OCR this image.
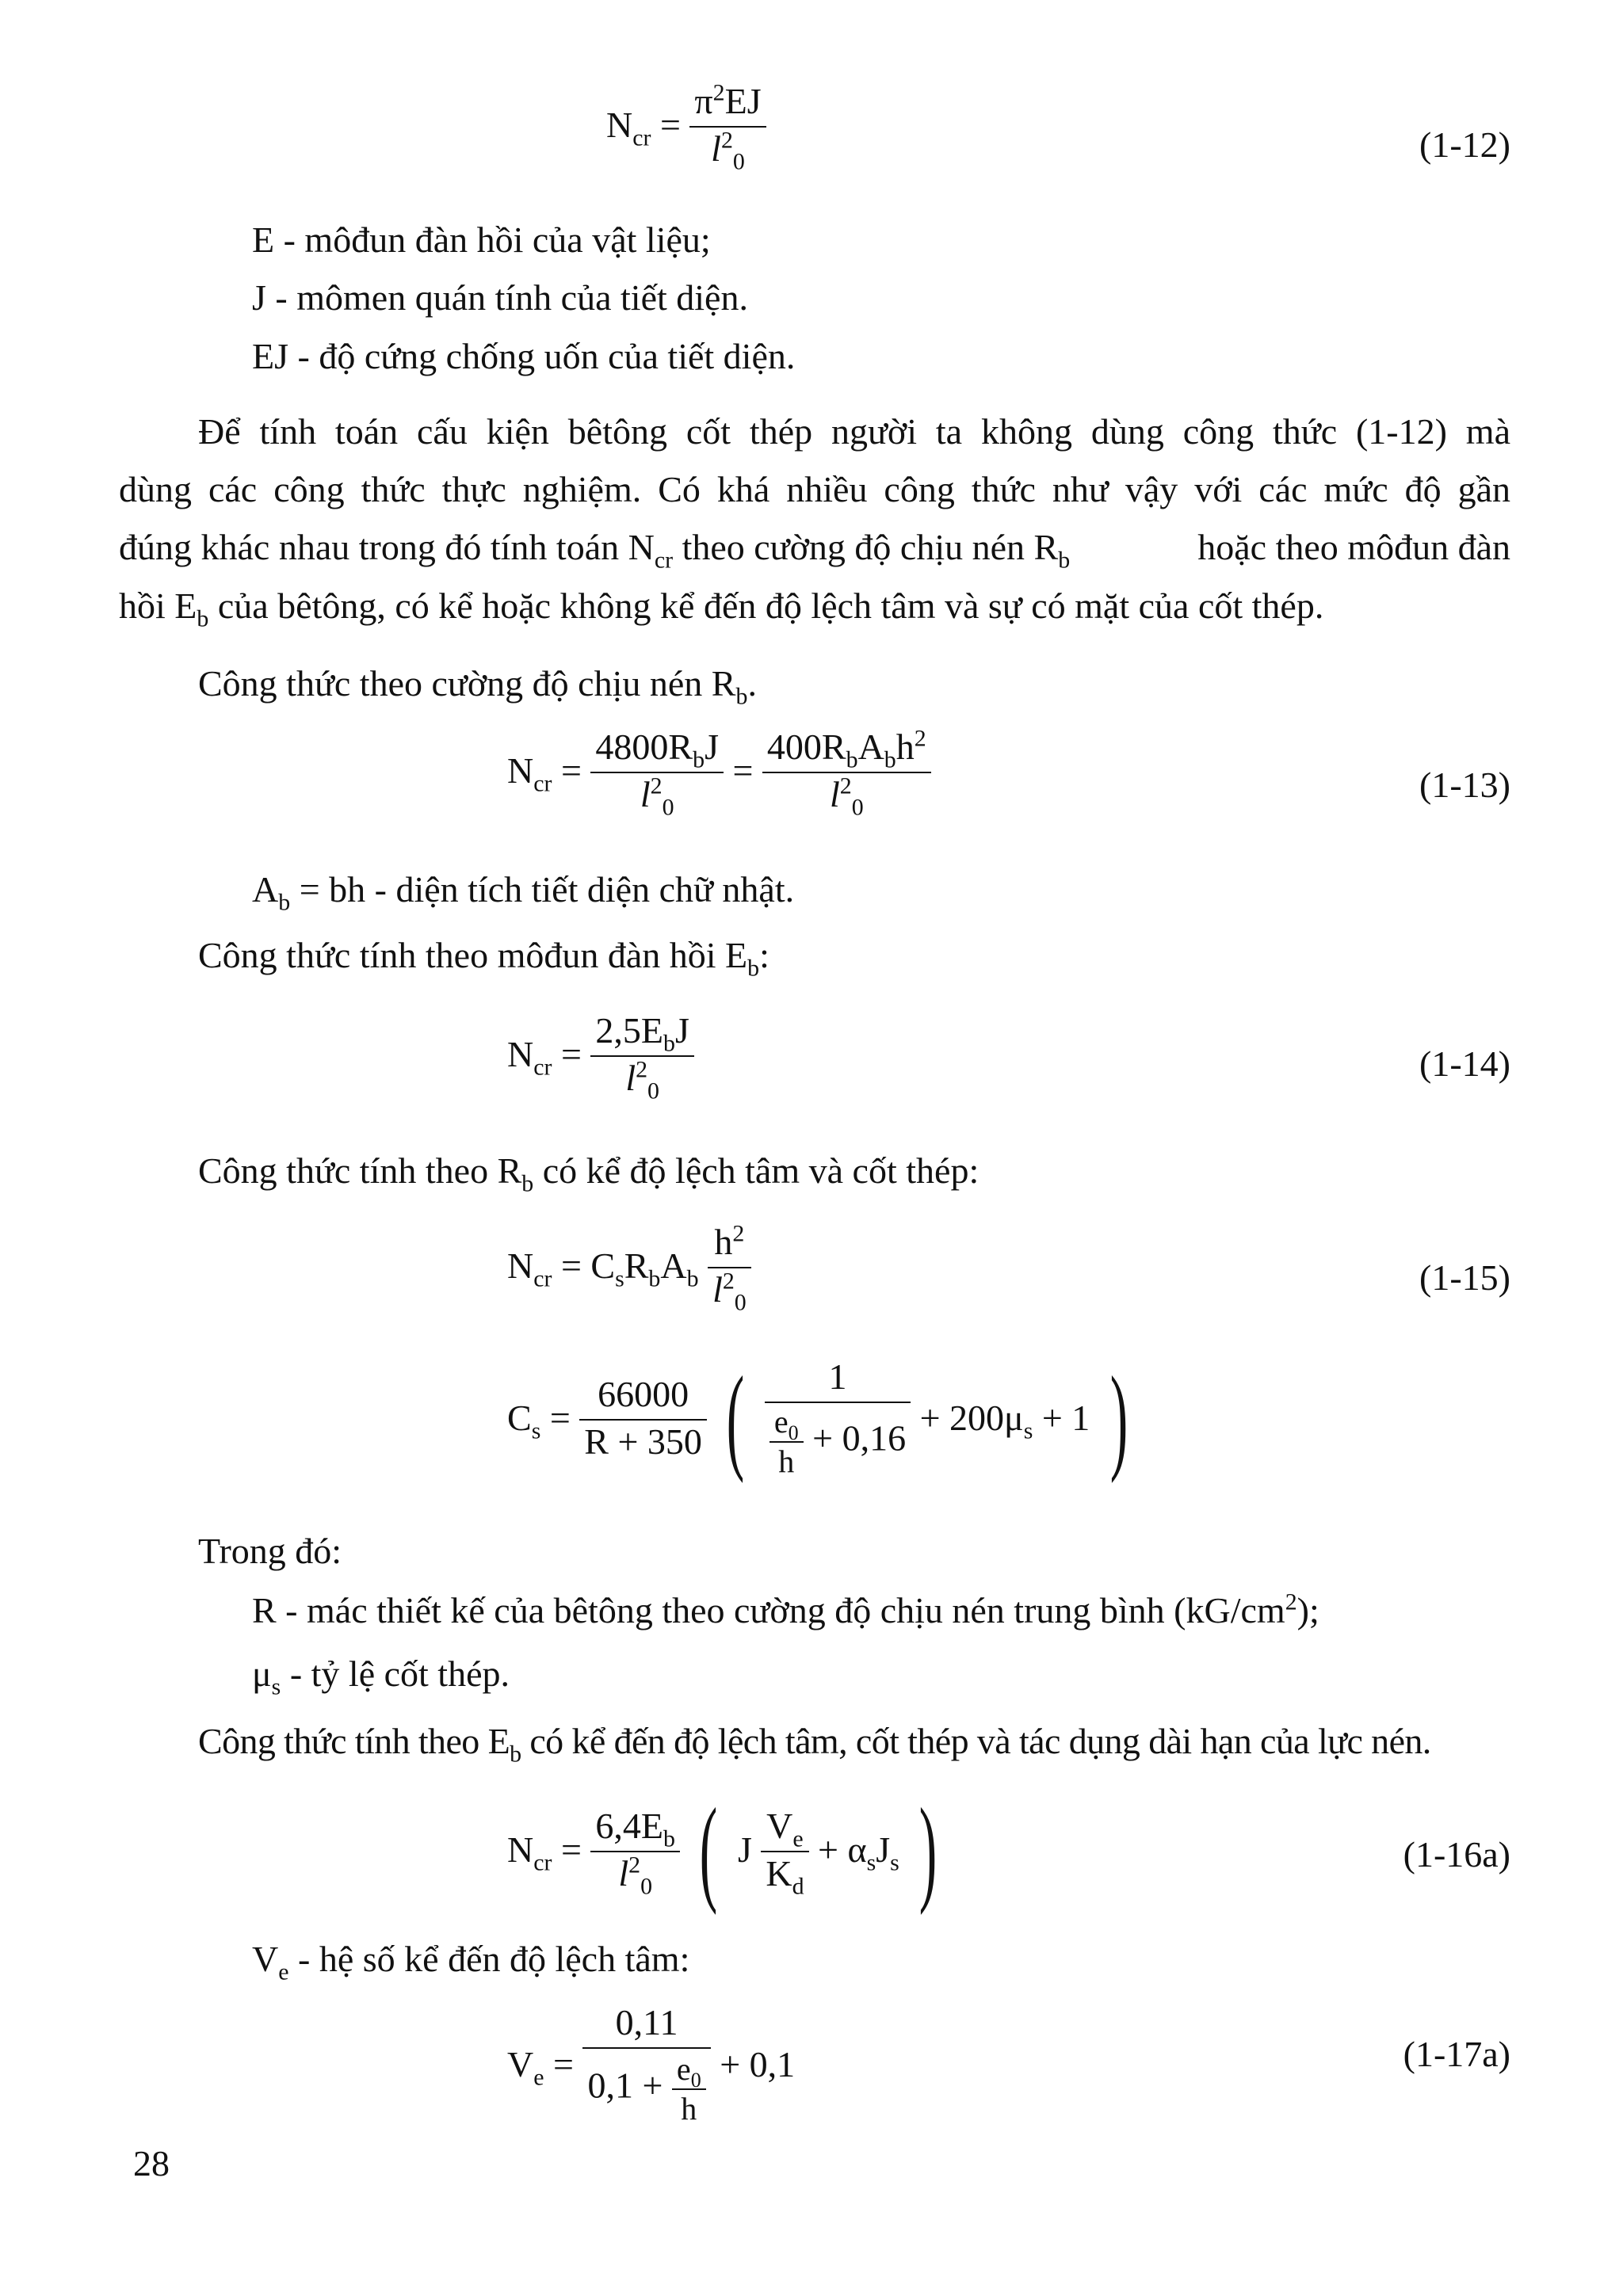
$N_{cr} = \frac{\pi^2EJ}{l^2_0}$	(1-12)
E - môđun đàn hồi của vật liệu;
J - mômen quán tính của tiết diện.
EJ - độ cứng chống uốn của tiết diện.
Để tính toán cấu kiện bêtông cốt thép người ta không dùng công thức (1-12) mà
dùng các công thức thực nghiệm. Có khá nhiều công thức như vậy với các mức độ gần
đúng khác nhau trong đó tính toán $N_{cr}$ theo cường độ chịu nén $R_b$	hoặc theo môđun đàn
hồi $E_b$ của bêtông, có kể hoặc không kể đến độ lệch tâm và sự có mặt của cốt thép.
Công thức theo cường độ chịu nén $R_b$.
$N_{cr} = \frac{4800R_bJ}{l^2_0} = \frac{400R_bA_bh^2}{l^2_0}$	(1-13)
$A_b$ = bh - diện tích tiết diện chữ nhật.
Công thức tính theo môđun đàn hồi $E_b$:
$N_{cr} = \frac{2,5E_bJ}{l^2_0}$	(1-14)
Công thức tính theo $R_b$ có kể độ lệch tâm và cốt thép:
$N_{cr} = C_sR_bA_b \frac{h^2}{l^2_0}$	(1-15)
$C_s = \frac{66000}{R + 350}$ ( $\frac{1}{\frac{e_0}{h} + 0,16} + 200\mu_s + 1$ )
Trong đó:
R - mác thiết kế của bêtông theo cường độ chịu nén trung bình $(kG/cm^2)$;
$\mu_s$ - tỷ lệ cốt thép.
Công thức tính theo $E_b$ có kể đến độ lệch tâm, cốt thép và tác dụng dài hạn của lực nén.
$N_{cr} = \frac{6,4E_b}{l^2_0}$ ( J $\frac{V_e}{K_d} + \alpha_sJ_s$ )	(1-16a)
$V_e$ - hệ số kể đến độ lệch tâm:
$V_e = \frac{0,11}{0,1 + \frac{e_0}{h}} + 0,1$	(1-17a)
28
